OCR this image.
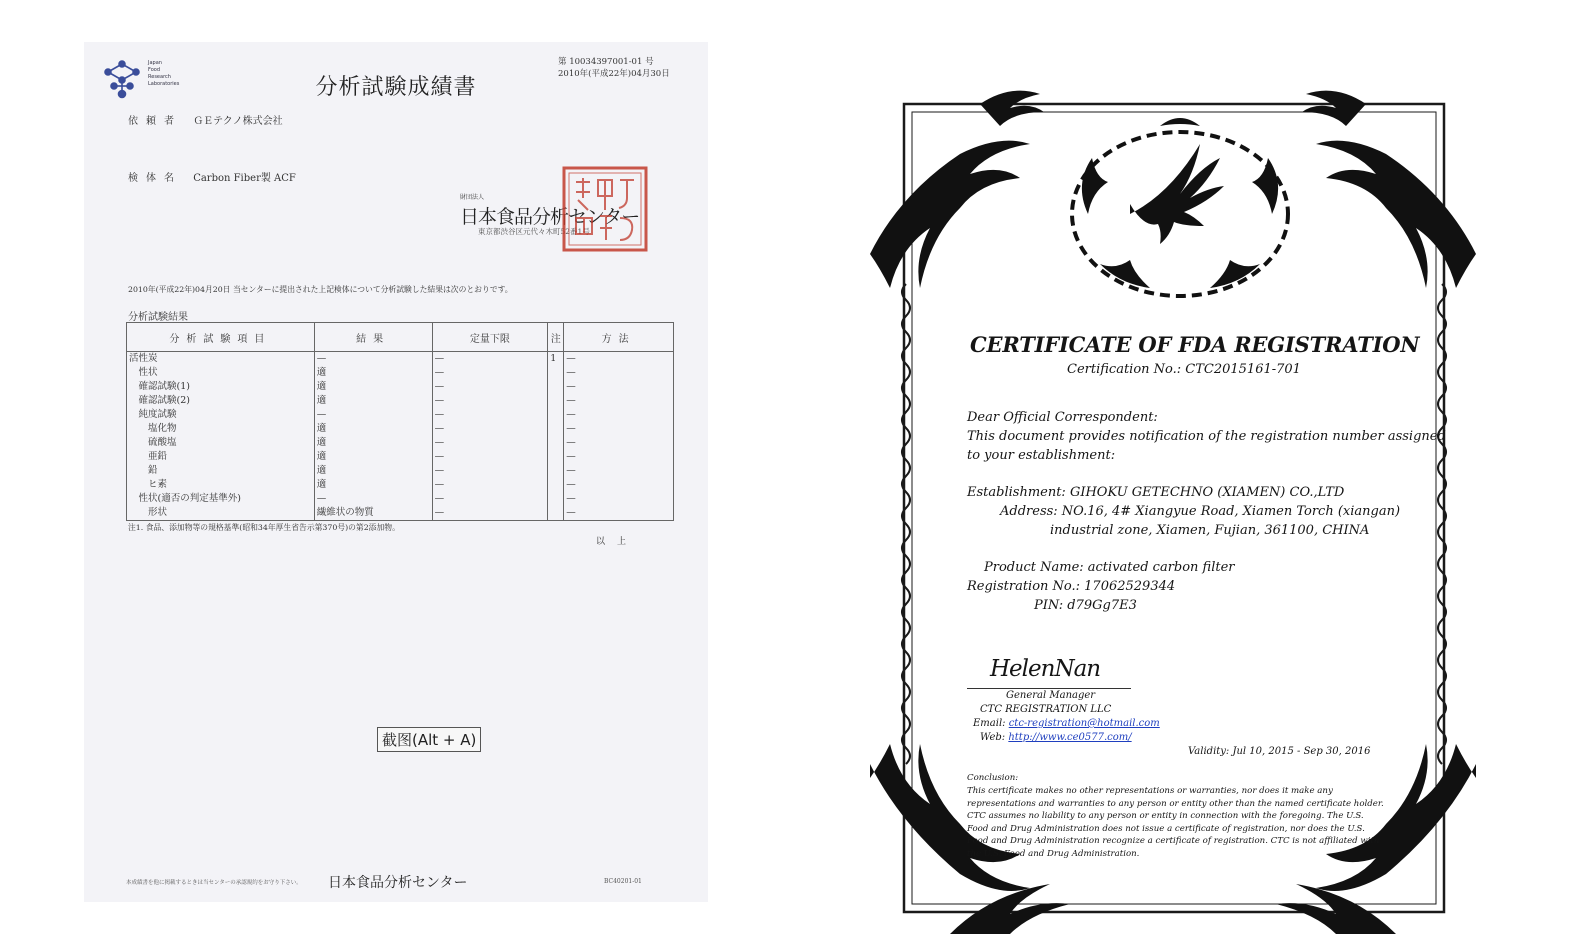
Japan
Food
Research
Laboratories	分析試験成績書
第 10034397001-01 号
2010年(平成22年)04月30日
依頼者 ＧＥテクノ株式会社
検体名 Carbon Fiber製 ACF
財団法人
日本食品分析センター
東京都渋谷区元代々木町52番1号
2010年(平成22年)04月20日 当センターに提出された上記検体について分析試験した結果は次のとおりです。
分析試験結果
分析試験項目	結果	定量下限	注	方法
活性炭	—	—	1	—
　性状	適	—		—
　確認試験(1)	適	—		—
　確認試験(2)	適	—		—
　純度試験	—	—		—
　　塩化物	適	—		—
　　硫酸塩	適	—		—
　　亜鉛	適	—		—
　　鉛	適	—		—
　　ヒ素	適	—		—
　性状(適否の判定基準外)	—	—		—
　　形状	繊維状の物質	—		—
注1. 食品、添加物等の規格基準(昭和34年厚生省告示第370号)の第2添加物。
以上
截图(Alt + A)
本成績書を他に掲載するときは当センターの承認規約をお守り下さい。 日本食品分析センター	BC40201-01
CERTIFICATE OF FDA REGISTRATION
Certification No.: CTC2015161-701
Dear Official Correspondent:
This document provides notification of the registration number assigned
to your establishment:
Establishment: GIHOKU GETECHNO (XIAMEN) CO.,LTD
Address: NO.16, 4# Xiangyue Road, Xiamen Torch (xiangan)
industrial zone, Xiamen, Fujian, 361100, CHINA
Product Name: activated carbon filter
Registration No.: 17062529344
PIN: d79Gg7E3
HelenNan
General Manager
CTC REGISTRATION LLC
Email: ctc-registration@hotmail.com
Web: http://www.ce0577.com/
Validity: Jul 10, 2015 - Sep 30, 2016
Conclusion:
This certificate makes no other representations or warranties, nor does it make any representations and warranties to any person or entity other than the named certificate holder. CTC assumes no liability to any person or entity in connection with the foregoing. The U.S. Food and Drug Administration does not issue a certificate of registration, nor does the U.S. Food and Drug Administration recognize a certificate of registration. CTC is not affiliated with the U.S. Food and Drug Administration.
